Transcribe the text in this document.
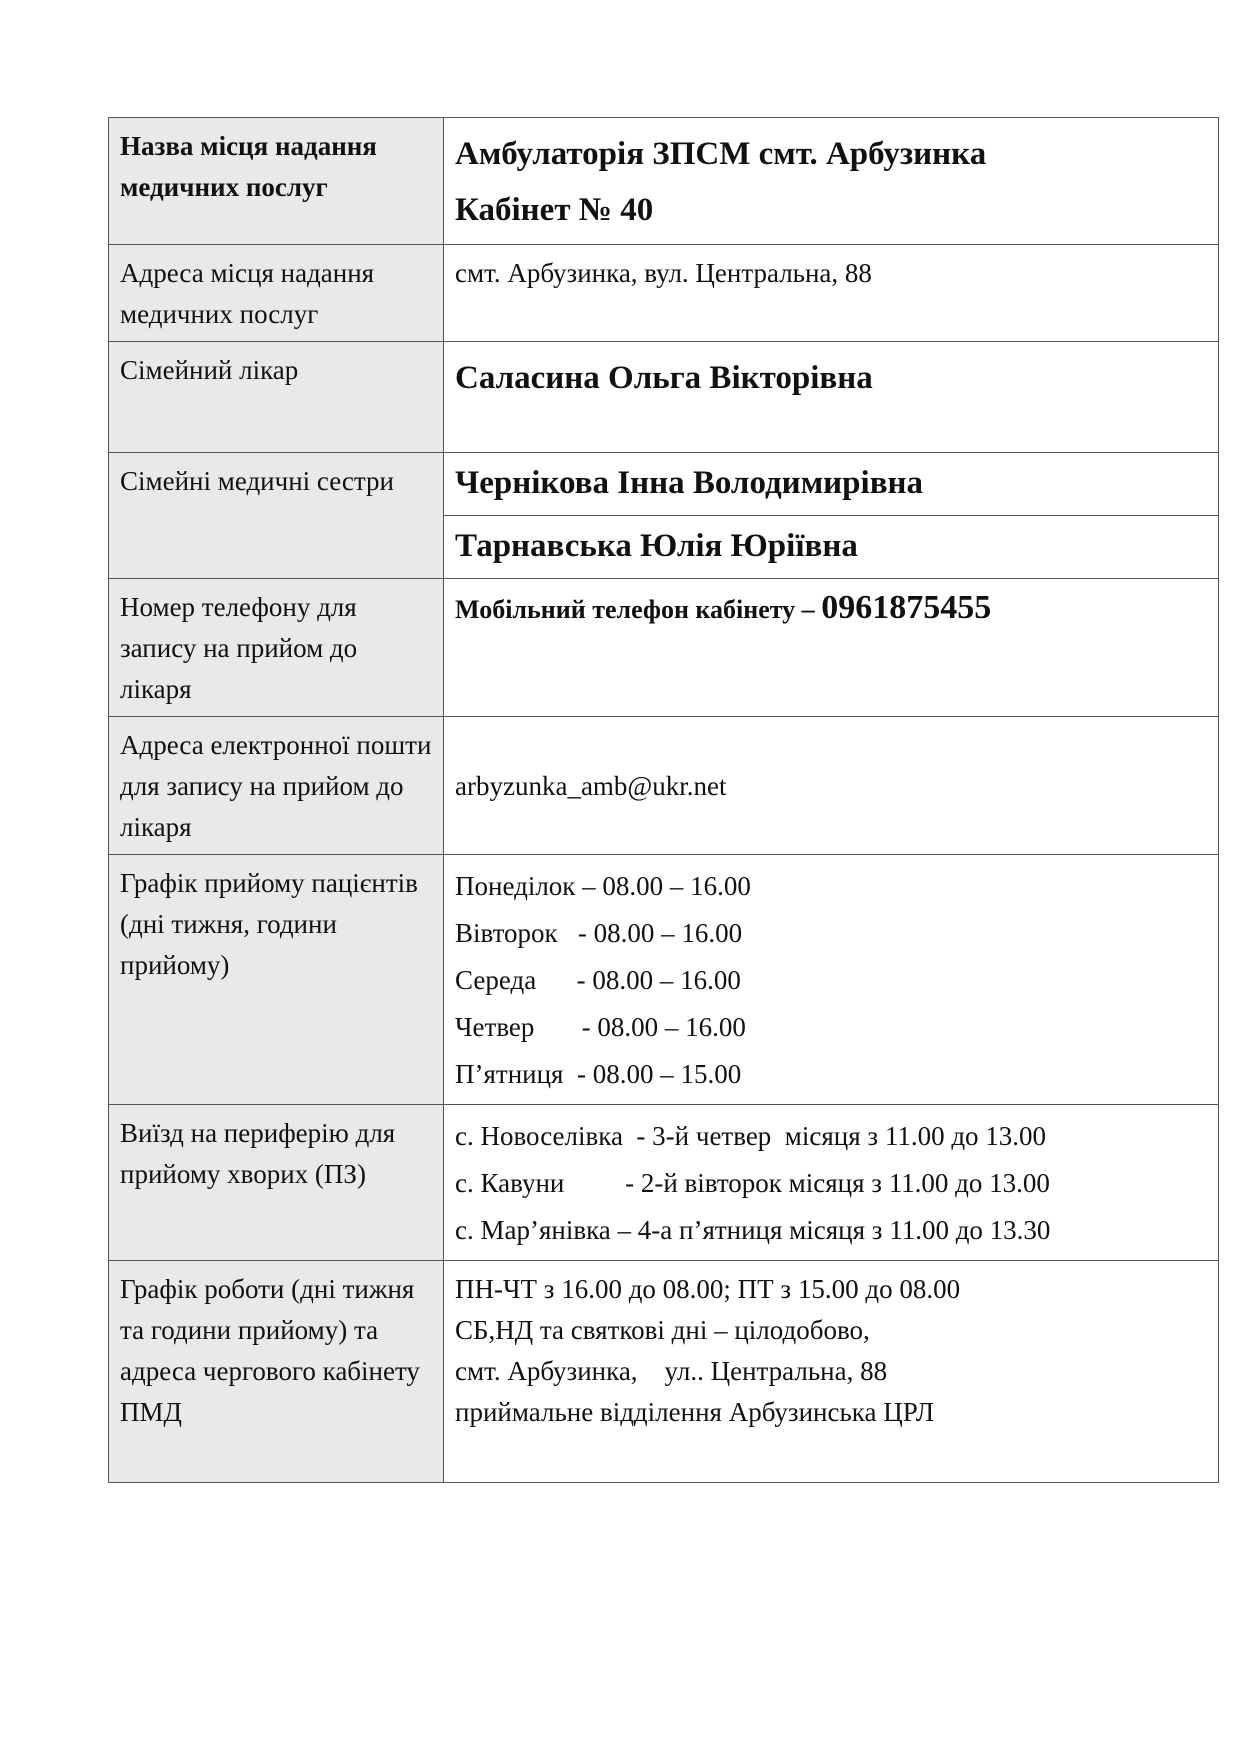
Назва місця надання медичних послуг	Амбулаторія ЗПСМ смт. Арбузинка
Кабінет № 40

Адреса місця надання медичних послуг	смт. Арбузинка, вул. Центральна, 88
Сімейний лікар	Саласина Ольга Вікторівна
Сімейні медичні сестри	Чернікова Інна Володимирівна
	Тарнавська Юлія Юріївна
Номер телефону для запису на прийом до лікаря	Мобільний телефон кабінету – 0961875455
Адреса електронної пошти для запису на прийом до лікаря	arbyzunka_amb@ukr.net
Графік прийому пацієнтів (дні тижня, години прийому)	Понеділок – 08.00 – 16.00
Вівторок   - 08.00 – 16.00
Середа      - 08.00 – 16.00
Четвер       - 08.00 – 16.00
П’ятниця  - 08.00 – 15.00

Виїзд на периферію для прийому хворих (ПЗ)	с. Новоселівка  - 3-й четвер  місяця з 11.00 до 13.00
с. Кавуни         - 2-й вівторок місяця з 11.00 до 13.00
с. Мар’янівка – 4-а п’ятниця місяця з 11.00 до 13.30

Графік роботи (дні тижня та години прийому) та адреса чергового кабінету ПМД	ПН-ЧТ з 16.00 до 08.00; ПТ з 15.00 до 08.00
СБ,НД та святкові дні – цілодобово,
смт. Арбузинка,    ул.. Центральна, 88
приймальне відділення Арбузинська ЦРЛ
